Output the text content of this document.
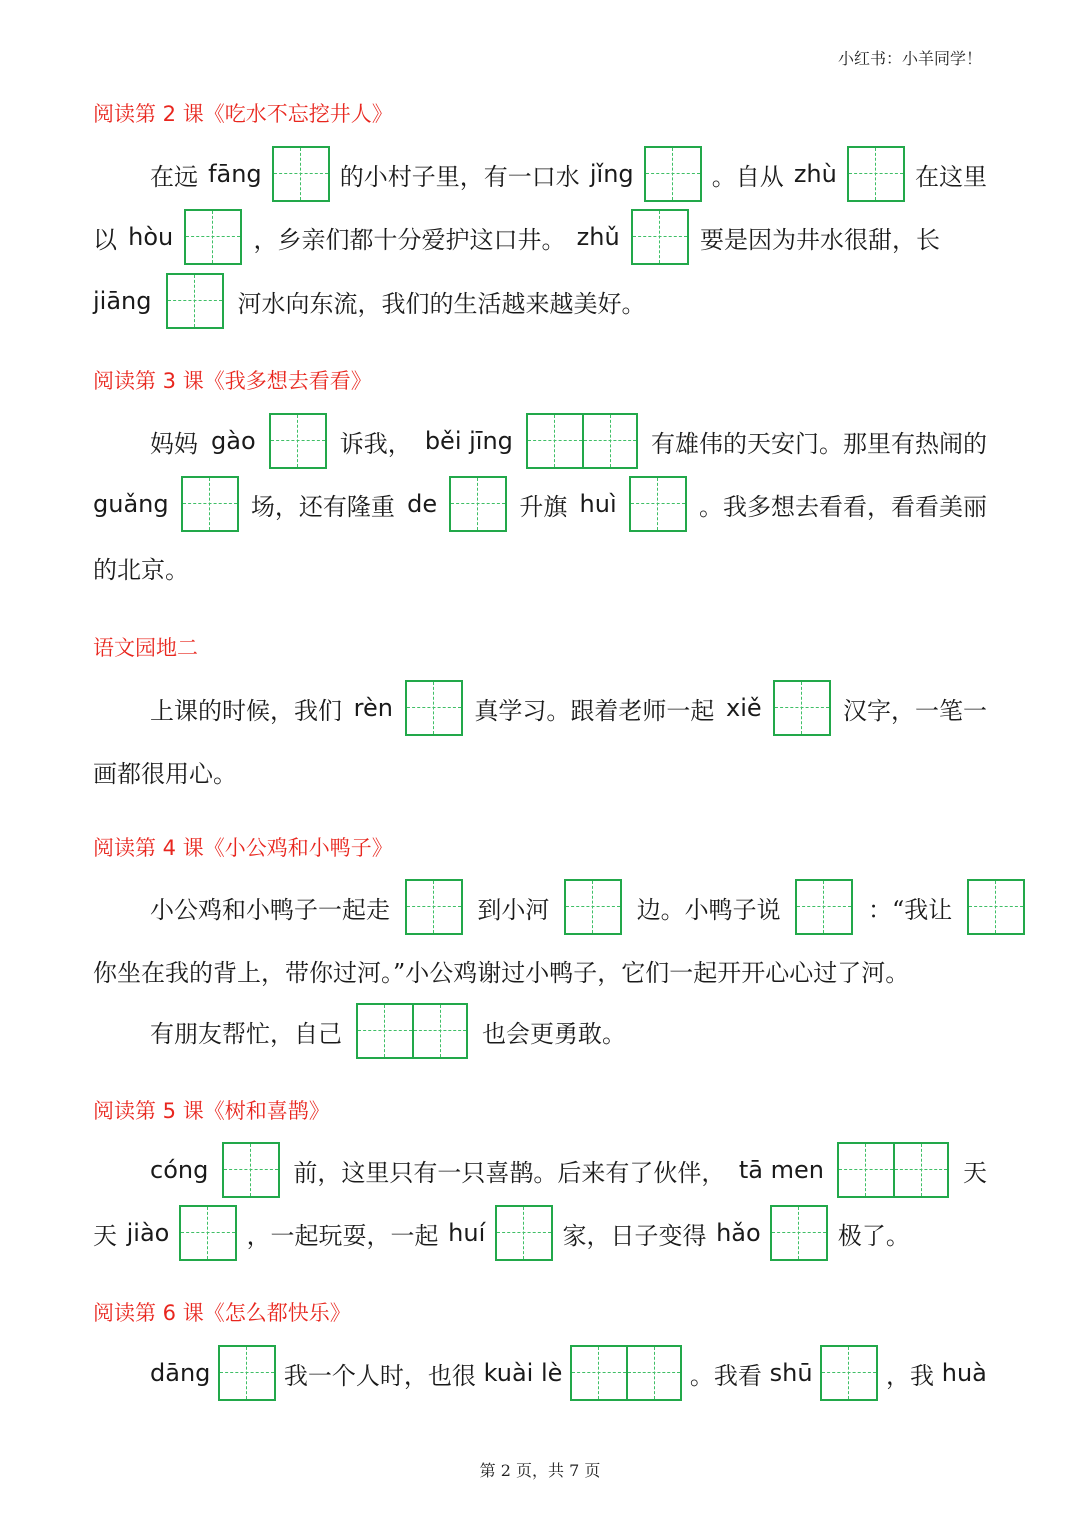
小红书：小羊同学！
阅读第 2 课《吃水不忘挖井人》
在远 fāng	的小村子里，有一口水 jǐng	。自从 zhù	在这里
以 hòu	，乡亲们都十分爱护这口井。 zhǔ	要是因为井水很甜，长
jiāng	河水向东流，我们的生活越来越美好。
阅读第 3 课《我多想去看看》
妈妈 gào	诉我， běi jīng	有雄伟的天安门。那里有热闹的
guǎng	场，还有隆重 de	升旗 huì	。我多想去看看，看看美丽
的北京。
语文园地二
上课的时候，我们 rèn	真学习。跟着老师一起 xiě	汉字，一笔一
画都很用心。
阅读第 4 课《小公鸡和小鸭子》
小公鸡和小鸭子一起走	到小河	边。小鸭子说	：“我让
你坐在我的背上，带你过河。”小公鸡谢过小鸭子，它们一起开开心心过了河。
有朋友帮忙，自己	也会更勇敢。
阅读第 5 课《树和喜鹊》
cóng	前，这里只有一只喜鹊。后来有了伙伴， tā men	天
天 jiào	，一起玩耍，一起 huí	家，日子变得 hǎo	极了。
阅读第 6 课《怎么都快乐》
dāng	我一个人时，也很 kuài lè	。我看 shū	，我 huà
第 2 页，共 7 页
